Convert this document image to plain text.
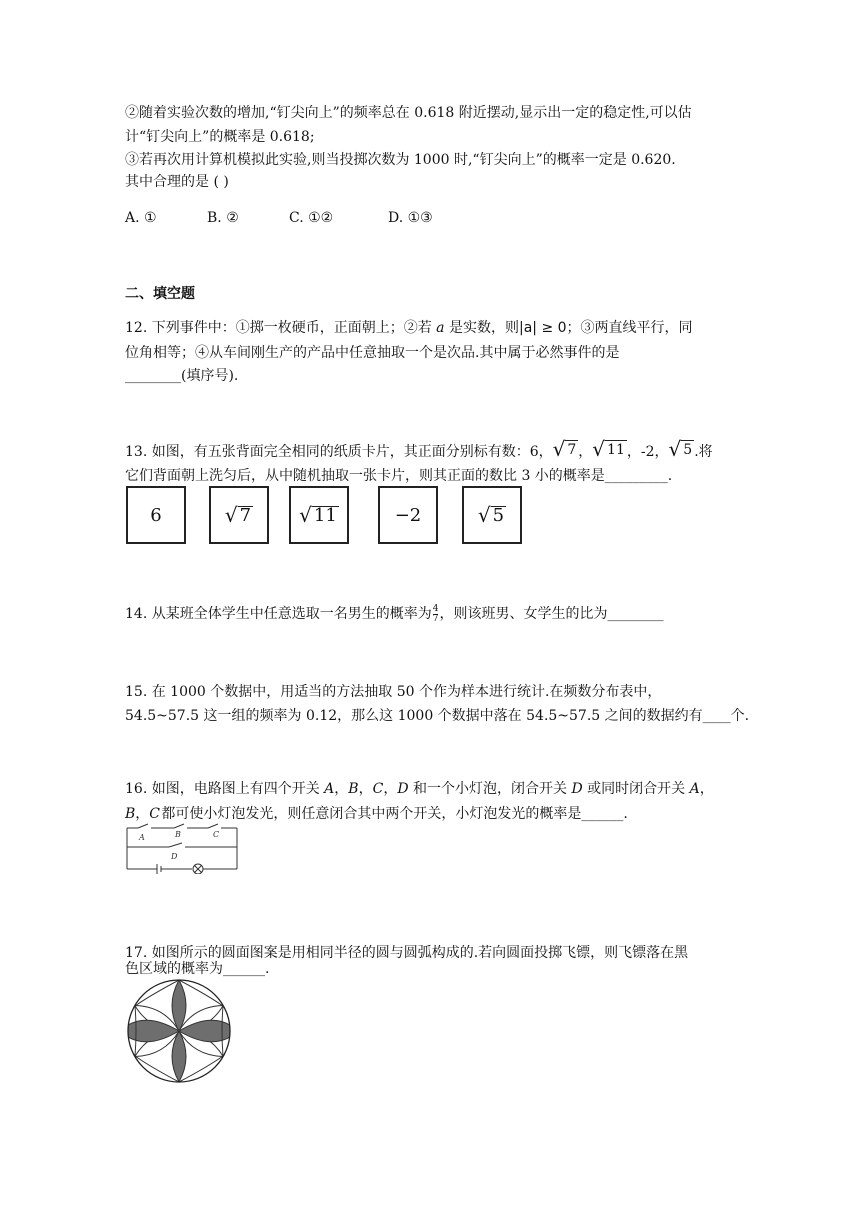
②随着实验次数的增加,“钉尖向上”的频率总在 0.618 附近摆动,显示出一定的稳定性,可以估
计“钉尖向上”的概率是 0.618;
③若再次用计算机模拟此实验,则当投掷次数为 1000 时,“钉尖向上”的概率一定是 0.620.
其中合理的是 ( )
A. ①	B. ②	C. ①②	D. ①③
二、填空题
12. 下列事件中：①掷一枚硬币，正面朝上；②若 a 是实数，则|a| ≥ 0；③两直线平行，同
位角相等；④从车间刚生产的产品中任意抽取一个是次品.其中属于必然事件的是
________(填序号).
13. 如图，有五张背面完全相同的纸质卡片，其正面分别标有数：6， √ 7 ， √ 11 ，-2， √ 5 .将
它们背面朝上洗匀后，从中随机抽取一张卡片，则其正面的数比 3 小的概率是_________.
6	√ 7 √ 11	−2	√ 5
14. 从某班全体学生中任意选取一名男生的概率为 $\frac{4}{7}$ ，则该班男、女学生的比为________
15. 在 1000 个数据中，用适当的方法抽取 50 个作为样本进行统计.在频数分布表中，
54.5~57.5 这一组的频率为 0.12，那么这 1000 个数据中落在 54.5~57.5 之间的数据约有____个.
16. 如图，电路图上有四个开关 A，B，C，D 和一个小灯泡，闭合开关 D 或同时闭合开关 A，
B，C 都可使小灯泡发光，则任意闭合其中两个开关，小灯泡发光的概率是______.
A	B	C
D
17. 如图所示的圆面图案是用相同半径的圆与圆弧构成的.若向圆面投掷飞镖，则飞镖落在黑
色区域的概率为______.
